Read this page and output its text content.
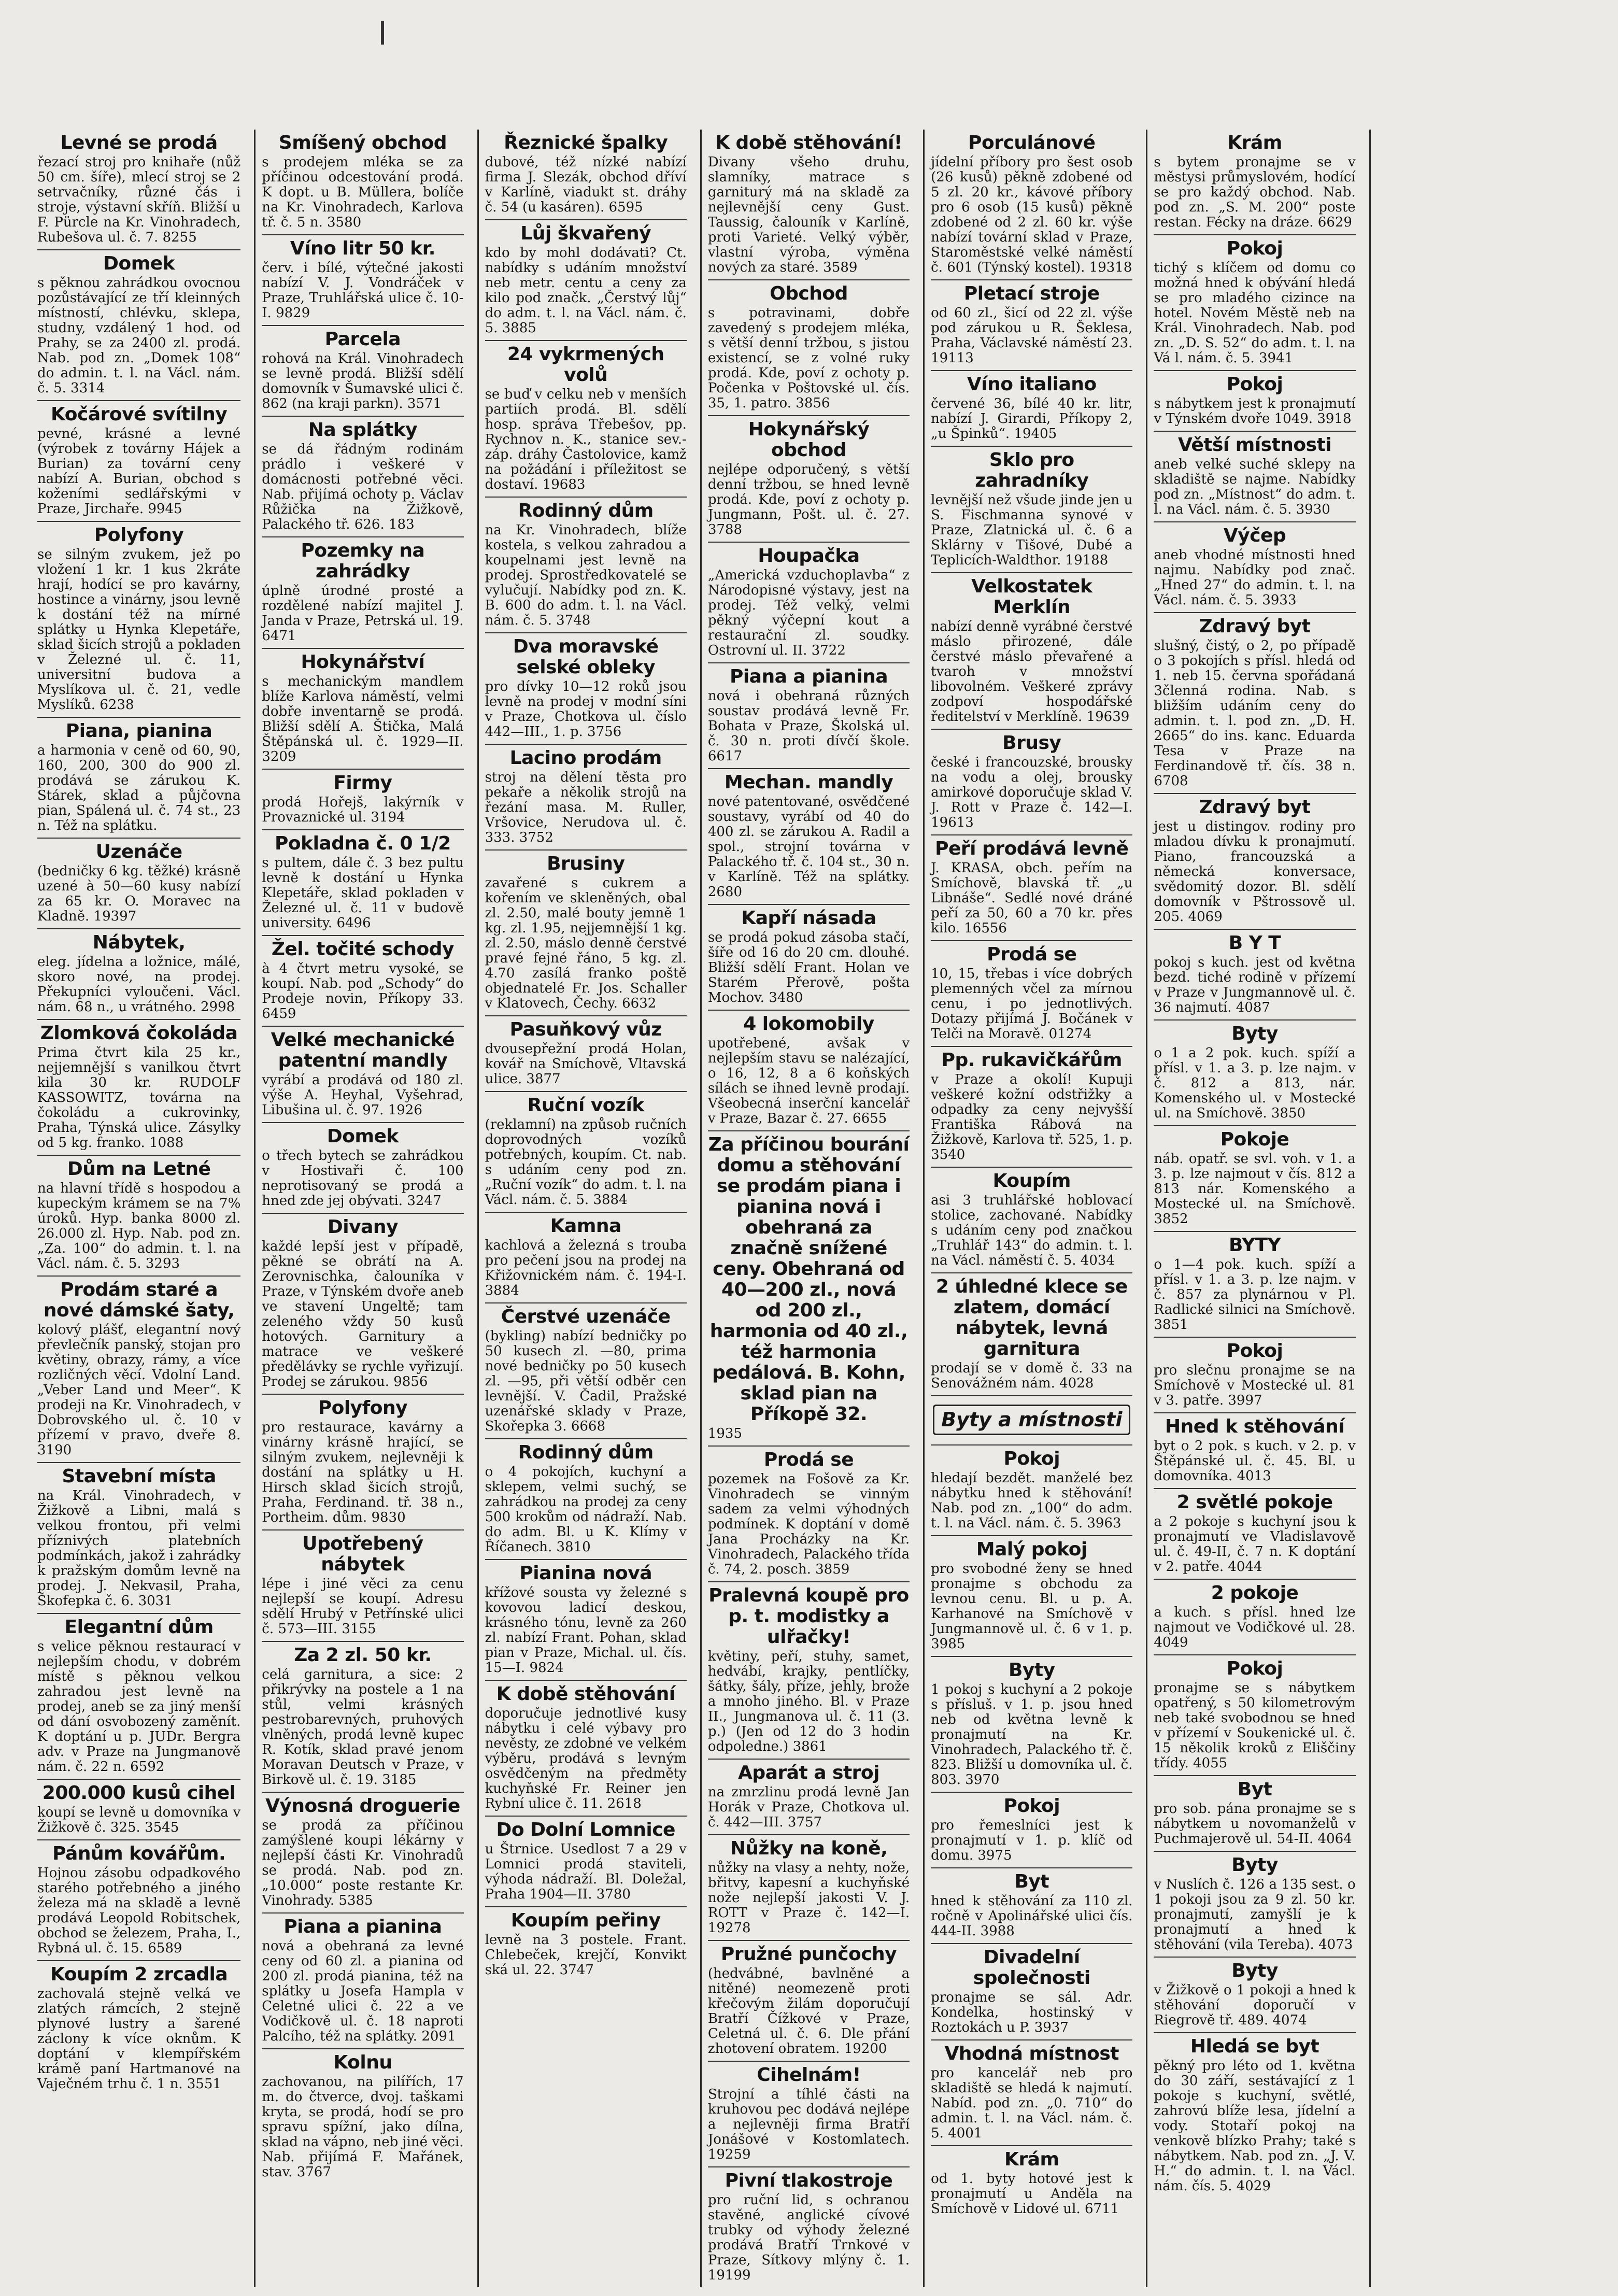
Levné se prodá

řezací stroj pro knihaře (nůž 50 cm. šíře), mlecí stroj se 2 setrvačníky, různé čás i stroje, výstavní skříň. Bližší u F. Pürcle na Kr. Vinohradech, Rubešova ul. č. 7. 8255

Domek

s pěknou zahrádkou ovocnou pozůstávající ze tří kleinných místností, chlévku, sklepa, studny, vzdálený 1 hod. od Prahy, se za 2400 zl. prodá. Nab. pod zn. „Domek 108“ do admin. t. l. na Václ. nám. č. 5. 3314

Kočárové svítilny

pevné, krásné a levné (výrobek z továrny Hájek a Burian) za tovární ceny nabízí A. Burian, obchod s koženími sedlářskými v Praze, Jirchaře. 9945

Polyfony

se silným zvukem, jež po vložení 1 kr. 1 kus 2kráte hrají, hodící se pro kavárny, hostince a vinárny, jsou levně k dostání též na mírné splátky u Hynka Klepetáře, sklad šicích strojů a pokladen v Železné ul. č. 11, universitní budova a Myslíkova ul. č. 21, vedle Myslíků. 6238

Piana, pianina

a harmonia v ceně od 60, 90, 160, 200, 300 do 900 zl. prodává se zárukou K. Stárek, sklad a půjčovna pian, Spálená ul. č. 74 st., 23 n. Též na splátku.

Uzenáče

(bedničky 6 kg. těžké) krásně uzené à 50—60 kusy nabízí za 65 kr. O. Moravec na Kladně. 19397

Nábytek,

eleg. jídelna a ložnice, málé, skoro nové, na prodej. Překupníci vyloučeni. Václ. nám. 68 n., u vrátného. 2998

Zlomková čokoláda

Prima čtvrt kila 25 kr., nejjemnější s vanilkou čtvrt kila 30 kr. RUDOLF KASSOWITZ, továrna na čokoládu a cukrovinky, Praha, Týnská ulice. Zásylky od 5 kg. franko. 1088

Dům na Letné

na hlavní třídě s hospodou a kupeckým krámem se na 7% úroků. Hyp. banka 8000 zl. 26.000 zl. Hyp. Nab. pod zn. „Za. 100“ do admin. t. l. na Václ. nám. č. 5. 3293

Prodám staré a nové dámské šaty,

kolový plášť, elegantní nový převlečník panský, stojan pro květiny, obrazy, rámy, a více rozličných věcí. Vdolní Land. „Veber Land und Meer“. K prodeji na Kr. Vinohradech, v Dobrovského ul. č. 10 v přízemí v pravo, dveře 8. 3190

Stavební místa

na Král. Vinohradech, v Žižkově a Libni, malá s velkou frontou, při velmi příznivých platebních podmínkách, jakož i zahrádky k pražským domům levně na prodej. J. Nekvasil, Praha, Škofepka č. 6. 3031

Elegantní dům

s velice pěknou restaurací v nejlepším chodu, v dobrém místě s pěknou velkou zahradou jest levně na prodej, aneb se za jiný menší od dání osvobozený zaměnít. K doptání u p. JUDr. Bergra adv. v Praze na Jungmanově nám. č. 22 n. 6592

200.000 kusů cihel

koupí se levně u domovníka v Žižkově č. 325. 3545

Pánům kovářům.

Hojnou zásobu odpadkového starého potřebného a jiného železa má na skladě a levně prodává Leopold Robitschek, obchod se železem, Praha, I., Rybná ul. č. 15. 6589

Koupím 2 zrcadla

zachovalá stejně velká ve zlatých rámcích, 2 stejně plynové lustry a šarené záclony k více oknům. K doptání v klempířském krámě paní Hartmanové na Vaječném trhu č. 1 n. 3551

Smíšený obchod

s prodejem mléka se za příčinou odcestování prodá. K dopt. u B. Müllera, bolíče na Kr. Vinohradech, Karlova tř. č. 5 n. 3580

Víno litr 50 kr.

červ. i bílé, výtečné jakosti nabízí V. J. Vondráček v Praze, Truhlářská ulice č. 10-I. 9829

Parcela

rohová na Král. Vinohradech se levně prodá. Bližší sdělí domovník v Šumavské ulici č. 862 (na kraji parkn). 3571

Na splátky

se dá řádným rodinám prádlo i veškeré v domácnosti potřebné věci. Nab. přijímá ochoty p. Václav Růžička na Žižkově, Palackého tř. 626. 183

Pozemky na zahrádky

úplně úrodné prosté a rozdělené nabízí majitel J. Janda v Praze, Petrská ul. 19. 6471

Hokynářství

s mechanickým mandlem blíže Karlova náměstí, velmi dobře inventarně se prodá. Bližší sdělí A. Štička, Malá Štěpánská ul. č. 1929—II. 3209

Firmy

prodá Hořejš, lakýrník v Provaznické ul. 3194

Pokladna č. 0 1/2

s pultem, dále č. 3 bez pultu levně k dostání u Hynka Klepetáře, sklad pokladen v Železné ul. č. 11 v budově university. 6496

Žel. točité schody

à 4 čtvrt metru vysoké, se koupí. Nab. pod „Schody“ do Prodeje novin, Příkopy 33. 6459

Velké mechanické patentní mandly

vyrábí a prodává od 180 zl. výše A. Heyhal, Vyšehrad, Libušina ul. č. 97. 1926

Domek

o třech bytech se zahrádkou v Hostivaři č. 100 neprotisovaný se prodá a hned zde jej obývati. 3247

Divany

každé lepší jest v případě, pěkné se obrátí na A. Zerovnischka, čalouníka v Praze, v Týnském dvoře aneb ve stavení Ungeltě; tam zeleného vždy 50 kusů hotových. Garnitury a matrace ve veškeré předělávky se rychle vyřizují. Prodej se zárukou. 9856

Polyfony

pro restaurace, kavárny a vinárny krásně hrající, se silným zvukem, nejlevněji k dostání na splátky u H. Hirsch sklad šicích strojů, Praha, Ferdinand. tř. 38 n., Portheim. dům. 9830

Upotřebený nábytek

lépe i jiné věci za cenu nejlepší se koupí. Adresu sdělí Hrubý v Petřínské ulici č. 573—III. 3155

Za 2 zl. 50 kr.

celá garnitura, a sice: 2 přikrývky na postele a 1 na stůl, velmi krásných pestrobarevných, pruhových vlněných, prodá levně kupec R. Kotík, sklad pravé jenom Moravan Deutsch v Praze, v Birkově ul. č. 19. 3185

Výnosná droguerie

se prodá za příčinou zamýšlené koupi lékárny v nejlepší části Kr. Vinohradů se prodá. Nab. pod zn. „10.000“ poste restante Kr. Vinohrady. 5385

Piana a pianina

nová a obehraná za levné ceny od 60 zl. a pianina od 200 zl. prodá pianina, též na splátky u Josefa Hampla v Celetné ulici č. 22 a ve Vodičkově ul. č. 18 naproti Palcího, též na splátky. 2091

Kolnu

zachovanou, na pilířích, 17 m. do čtverce, dvoj. taškami kryta, se prodá, hodí se pro spravu spížní, jako dílna, sklad na vápno, neb jiné věci. Nab. přijímá F. Mařánek, stav. 3767

Řeznické špalky

dubové, též nízké nabízí firma J. Slezák, obchod dříví v Karlíně, viadukt st. dráhy č. 54 (u kasáren). 6595

Lůj škvařený

kdo by mohl dodávati? Ct. nabídky s udáním množství neb metr. centu a ceny za kilo pod značk. „Čerstvý lůj“ do adm. t. l. na Václ. nám. č. 5. 3885

24 vykrmených volů

se buď v celku neb v menších partiích prodá. Bl. sdělí hosp. správa Třebešov, pp. Rychnov n. K., stanice sev.-záp. dráhy Častolovice, kamž na požádání i příležitost se dostaví. 19683

Rodinný dům

na Kr. Vinohradech, blíže kostela, s velkou zahradou a koupelnami jest levně na prodej. Sprostředkovatelé se vylučují. Nabídky pod zn. K. B. 600 do adm. t. l. na Václ. nám. č. 5. 3748

Dva moravské selské obleky

pro dívky 10—12 roků jsou levně na prodej v modní síni v Praze, Chotkova ul. číslo 442—III., 1. p. 3756

Lacino prodám

stroj na dělení těsta pro pekaře a několik strojů na řezání masa. M. Ruller, Vršovice, Nerudova ul. č. 333. 3752

Brusiny

zavařené s cukrem a kořením ve skleněných, obal zl. 2.50, malé bouty jemně 1 kg. zl. 1.95, nejjemnější 1 kg. zl. 2.50, máslo denně čerstvé pravé fejné řáno, 5 kg. zl. 4.70 zasílá franko poště objednatelé Fr. Jos. Schaller v Klatovech, Čechy. 6632

Pasuňkový vůz

dvousepřežní prodá Holan, kovář na Smíchově, Vltavská ulice. 3877

Ruční vozík

(reklamní) na způsob ručních doprovodných vozíků potřebných, koupím. Ct. nab. s udáním ceny pod zn. „Ruční vozík“ do adm. t. l. na Václ. nám. č. 5. 3884

Kamna

kachlová a železná s trouba pro pečení jsou na prodej na Křižovnickém nám. č. 194-I. 3884

Čerstvé uzenáče

(bykling) nabízí bedničky po 50 kusech zl. —80, prima nové bedničky po 50 kusech zl. —95, při větší odběr cen levnější. V. Čadil, Pražské uzenářské sklady v Praze, Skořepka 3. 6668

Rodinný dům

o 4 pokojích, kuchyní a sklepem, velmi suchý, se zahrádkou na prodej za ceny 500 krokům od nádraží. Nab. do adm. Bl. u K. Klímy v Říčanech. 3810

Pianina nová

křížové sousta vy železné s kovovou ladicí deskou, krásného tónu, levně za 260 zl. nabízí Frant. Pohan, sklad pian v Praze, Michal. ul. čís. 15—I. 9824

K době stěhování

doporučuje jednotlivé kusy nábytku i celé výbavy pro nevěsty, ze zdobné ve velkém výběru, prodává s levným osvědčeným na předměty kuchyňské Fr. Reiner jen Rybní ulice č. 11. 2618

Do Dolní Lomnice

u Štrnice. Usedlost 7 a 29 v Lomnici prodá staviteli, výhoda nádraží. Bl. Doležal, Praha 1904—II. 3780

Koupím peřiny

levně na 3 postele. Frant. Chlebeček, krejčí, Konvikt ská ul. 22. 3747

K době stěhování!

Divany všeho druhu, slamníky, matrace s garniturý má na skladě za nejlevnější ceny Gust. Taussig, čalouník v Karlíně, proti Varieté. Velký výběr, vlastní výroba, výměna nových za staré. 3589

Obchod

s potravinami, dobře zavedený s prodejem mléka, s větší denní tržbou, s jistou existencí, se z volné ruky prodá. Kde, poví z ochoty p. Počenka v Poštovské ul. čís. 35, 1. patro. 3856

Hokynářský obchod

nejlépe odporučený, s větší denní tržbou, se hned levně prodá. Kde, poví z ochoty p. Jungmann, Pošt. ul. č. 27. 3788

Houpačka

„Americká vzduchoplavba“ z Národopisné výstavy, jest na prodej. Též velký, velmi pěkný výčepní kout a restaurační zl. soudky. Ostrovní ul. II. 3722

Piana a pianina

nová i obehraná různých soustav prodává levně Fr. Bohata v Praze, Školská ul. č. 30 n. proti dívčí škole. 6617

Mechan. mandly

nové patentované, osvědčené soustavy, vyrábí od 40 do 400 zl. se zárukou A. Radil a spol., strojní továrna v Palackého tř. č. 104 st., 30 n. v Karlíně. Též na splátky. 2680

Kapří násada

se prodá pokud zásoba stačí, šíře od 16 do 20 cm. dlouhé. Bližší sdělí Frant. Holan ve Starém Přerově, pošta Mochov. 3480

4 lokomobily

upotřebené, avšak v nejlepším stavu se nalézající, o 16, 12, 8 a 6 koňských sílách se ihned levně prodají. Všeobecná inserční kancelář v Praze, Bazar č. 27. 6655

Za příčinou bourání domu a stěhování se prodám piana i pianina nová i obehraná za značně snížené ceny. Obehraná od 40—200 zl., nová od 200 zl., harmonia od 40 zl., též harmonia pedálová. B. Kohn, sklad pian na Příkopě 32.

1935

Prodá se

pozemek na Fošově za Kr. Vinohradech se vinným sadem za velmi výhodných podmínek. K doptání v domě Jana Procházky na Kr. Vinohradech, Palackého třída č. 74, 2. posch. 3859

Pralevná koupě pro p. t. modistky a ulřačky!

květiny, peří, stuhy, samet, hedvábí, krajky, pentlíčky, šátky, šály, příze, jehly, brože a mnoho jiného. Bl. v Praze II., Jungmanova ul. č. 11 (3. p.) (Jen od 12 do 3 hodin odpoledne.) 3861

Aparát a stroj

na zmrzlinu prodá levně Jan Horák v Praze, Chotkova ul. č. 442—III. 3757

Nůžky na koně,

nůžky na vlasy a nehty, nože, břitvy, kapesní a kuchyňské nože nejlepší jakosti V. J. ROTT v Praze č. 142—I. 19278

Pružné punčochy

(hedvábné, bavlněné a nitěné) neomezeně proti křečovým žilám doporučují Bratří Čížkové v Praze, Celetná ul. č. 6. Dle přání zhotovení obratem. 19200

Cihelnám!

Strojní a tíhlé části na kruhovou pec dodává nejlépe a nejlevněji firma Bratří Jonášové v Kostomlatech. 19259

Pivní tlakostroje

pro ruční lid, s ochranou stavěné, anglické cívové trubky od výhody železné prodává Bratří Trnkové v Praze, Sítkovy mlýny č. 1. 19199

Porculánové

jídelní příbory pro šest osob (26 kusů) pěkně zdobené od 5 zl. 20 kr., kávové příbory pro 6 osob (15 kusů) pěkně zdobené od 2 zl. 60 kr. výše nabízí tovární sklad v Praze, Staroměstské velké náměstí č. 601 (Týnský kostel). 19318

Pletací stroje

od 60 zl., šicí od 22 zl. výše pod zárukou u R. Šeklesa, Praha, Václavské náměstí 23. 19113

Víno italiano

červené 36, bílé 40 kr. litr, nabízí J. Girardi, Příkopy 2, „u Špinků“. 19405

Sklo pro zahradníky

levnější než všude jinde jen u S. Fischmanna synové v Praze, Zlatnická ul. č. 6 a Sklárny v Tišové, Dubé a Teplicích-Waldthor. 19188

Velkostatek Merklín

nabízí denně vyrábné čerstvé máslo přirozené, dále čerstvé máslo převařené a tvaroh v množství libovolném. Veškeré zprávy zodpoví hospodářské ředitelství v Merklíně. 19639

Brusy

české i francouzské, brousky na vodu a olej, brousky amirkové doporučuje sklad V. J. Rott v Praze č. 142—I. 19613

Peří prodává levně

J. KRASA, obch. peřím na Smíchově, blavská tř. „u Libnáše“. Sedlé nové dráné peří za 50, 60 a 70 kr. přes kilo. 16556

Prodá se

10, 15, třebas i více dobrých plemenných včel za mírnou cenu, i po jednotlivých. Dotazy přijímá J. Bočánek v Telči na Moravě. 01274

Pp. rukavičkářům

v Praze a okolí! Kupuji veškeré kožní odstřižky a odpadky za ceny nejvyšší Františka Rábová na Žižkově, Karlova tř. 525, 1. p. 3540

Koupím

asi 3 truhlářské hoblovací stolice, zachované. Nabídky s udáním ceny pod značkou „Truhlář 143“ do admin. t. l. na Václ. náměstí č. 5. 4034

2 úhledné klece se zlatem, domácí nábytek, levná garnitura

prodají se v domě č. 33 na Senovážném nám. 4028

Byty a místnosti
Pokoj

hledají bezdět. manželé bez nábytku hned k stěhování! Nab. pod zn. „100“ do adm. t. l. na Václ. nám. č. 5. 3963

Malý pokoj

pro svobodné ženy se hned pronajme s obchodu za levnou cenu. Bl. u p. A. Karhanové na Smíchově v Jungmannově ul. č. 6 v 1. p. 3985

Byty

1 pokoj s kuchyní a 2 pokoje s přísluš. v 1. p. jsou hned neb od května levně k pronajmutí na Kr. Vinohradech, Palackého tř. č. 823. Bližší u domovníka ul. č. 803. 3970

Pokoj

pro řemeslníci jest k pronajmutí v 1. p. klíč od domu. 3975

Byt

hned k stěhování za 110 zl. ročně v Apolinářské ulici čís. 444-II. 3988

Divadelní společnosti

pronajme se sál. Adr. Kondelka, hostinský v Roztokách u P. 3937

Vhodná místnost

pro kancelář neb pro skladiště se hledá k najmutí. Nabíd. pod zn. „0. 710“ do admin. t. l. na Václ. nám. č. 5. 4001

Krám

od 1. byty hotové jest k pronajmutí u Anděla na Smíchově v Lidové ul. 6711

Krám

s bytem pronajme se v městysi průmyslovém, hodící se pro každý obchod. Nab. pod zn. „S. M. 200“ poste restan. Fécky na dráze. 6629

Pokoj

tichý s klíčem od domu co možná hned k obývání hledá se pro mladého cizince na hotel. Novém Městě neb na Král. Vinohradech. Nab. pod zn. „D. S. 52“ do adm. t. l. na Vá l. nám. č. 5. 3941

Pokoj

s nábytkem jest k pronajmutí v Týnském dvoře 1049. 3918

Větší místnosti

aneb velké suché sklepy na skladiště se najme. Nabídky pod zn. „Místnost“ do adm. t. l. na Václ. nám. č. 5. 3930

Výčep

aneb vhodné místnosti hned najmu. Nabídky pod znač. „Hned 27“ do admin. t. l. na Václ. nám. č. 5. 3933

Zdravý byt

slušný, čistý, o 2, po případě o 3 pokojích s přísl. hledá od 1. neb 15. června spořádaná 3členná rodina. Nab. s bližším udáním ceny do admin. t. l. pod zn. „D. H. 2665“ do ins. kanc. Eduarda Tesa v Praze na Ferdinandově tř. čís. 38 n. 6708

Zdravý byt

jest u distingov. rodiny pro mladou dívku k pronajmutí. Piano, francouzská a německá konversace, svědomitý dozor. Bl. sdělí domovník v Pštrossově ul. 205. 4069

B Y T

pokoj s kuch. jest od května bezd. tiché rodině v přízemí v Praze v Jungmannově ul. č. 36 najmutí. 4087

Byty

o 1 a 2 pok. kuch. spíží a přísl. v 1. a 3. p. lze najm. v č. 812 a 813, nár. Komenského ul. v Mostecké ul. na Smíchově. 3850

Pokoje

náb. opatř. se svl. voh. v 1. a 3. p. lze najmout v čís. 812 a 813 nár. Komenského a Mostecké ul. na Smíchově. 3852

BYTY

o 1—4 pok. kuch. spíží a přísl. v 1. a 3. p. lze najm. v č. 857 za plynárnou v Pl. Radlické silnici na Smíchově. 3851

Pokoj

pro slečnu pronajme se na Smíchově v Mostecké ul. 81 v 3. patře. 3997

Hned k stěhování

byt o 2 pok. s kuch. v 2. p. v Štěpánské ul. č. 45. Bl. u domovníka. 4013

2 světlé pokoje

a 2 pokoje s kuchyní jsou k pronajmutí ve Vladislavově ul. č. 49-II, č. 7 n. K doptání v 2. patře. 4044

2 pokoje

a kuch. s přísl. hned lze najmout ve Vodičkové ul. 28. 4049

Pokoj

pronajme se s nábytkem opatřený, s 50 kilometrovým neb také svobodnou se hned v přízemí v Soukenické ul. č. 15 několik kroků z Eliščiny třídy. 4055

Byt

pro sob. pána pronajme se s nábytkem u novomanželů v Puchmajerově ul. 54-II. 4064

Byty

v Nuslích č. 126 a 135 sest. o 1 pokoji jsou za 9 zl. 50 kr. pronajmutí, zamyšlí je k pronajmutí a hned k stěhování (vila Tereba). 4073

Byty

v Žižkově o 1 pokoji a hned k stěhování doporučí v Riegrově tř. 489. 4074

Hledá se byt

pěkný pro léto od 1. května do 30 září, sestávající z 1 pokoje s kuchyní, světlé, zahrovú blíže lesa, jídelní a vody. Stotaří pokoj na venkově blízko Prahy; také s nábytkem. Nab. pod zn. „J. V. H.“ do admin. t. l. na Václ. nám. čís. 5. 4029
